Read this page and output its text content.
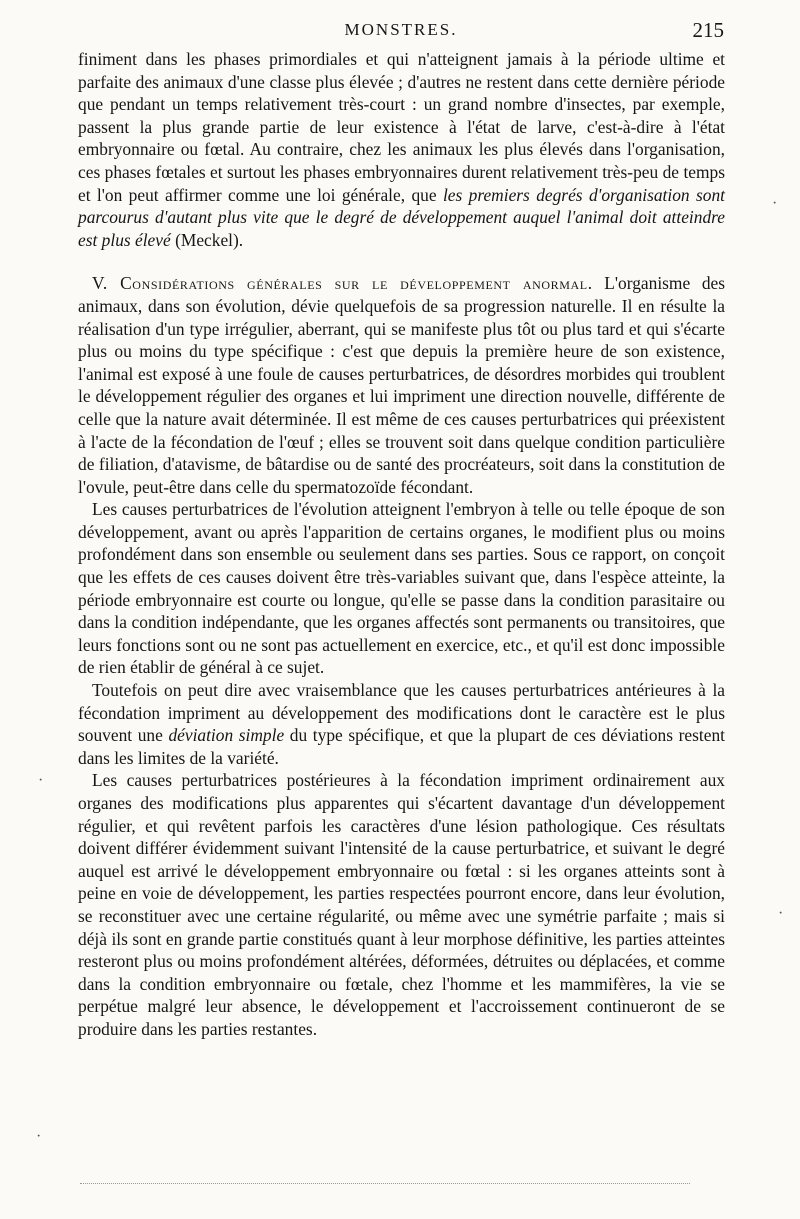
MONSTRES.	215

finiment dans les phases primordiales et qui n'atteignent jamais à la période ultime et parfaite des animaux d'une classe plus élevée ; d'autres ne restent dans cette dernière période que pendant un temps relativement très-court : un grand nombre d'insectes, par exemple, passent la plus grande partie de leur existence à l'état de larve, c'est-à-dire à l'état embryonnaire ou fœtal. Au contraire, chez les animaux les plus élevés dans l'organisation, ces phases fœtales et surtout les phases embryonnaires durent relativement très-peu de temps et l'on peut affirmer comme une loi générale, que les premiers degrés d'organisation sont parcourus d'autant plus vite que le degré de développement auquel l'animal doit atteindre est plus élevé (Meckel).

V. Considérations générales sur le développement anormal. L'organisme des animaux, dans son évolution, dévie quelquefois de sa progression naturelle. Il en résulte la réalisation d'un type irrégulier, aberrant, qui se manifeste plus tôt ou plus tard et qui s'écarte plus ou moins du type spécifique : c'est que depuis la première heure de son existence, l'animal est exposé à une foule de causes perturbatrices, de désordres morbides qui troublent le développement régulier des organes et lui impriment une direction nouvelle, différente de celle que la nature avait déterminée. Il est même de ces causes perturbatrices qui préexistent à l'acte de la fécondation de l'œuf ; elles se trouvent soit dans quelque condition particulière de filiation, d'atavisme, de bâtardise ou de santé des procréateurs, soit dans la constitution de l'ovule, peut-être dans celle du spermatozoïde fécondant.

Les causes perturbatrices de l'évolution atteignent l'embryon à telle ou telle époque de son développement, avant ou après l'apparition de certains organes, le modifient plus ou moins profondément dans son ensemble ou seulement dans ses parties. Sous ce rapport, on conçoit que les effets de ces causes doivent être très-variables suivant que, dans l'espèce atteinte, la période embryonnaire est courte ou longue, qu'elle se passe dans la condition parasitaire ou dans la condition indépendante, que les organes affectés sont permanents ou transitoires, que leurs fonctions sont ou ne sont pas actuellement en exercice, etc., et qu'il est donc impossible de rien établir de général à ce sujet.

Toutefois on peut dire avec vraisemblance que les causes perturbatrices antérieures à la fécondation impriment au développement des modifications dont le caractère est le plus souvent une déviation simple du type spécifique, et que la plupart de ces déviations restent dans les limites de la variété.

Les causes perturbatrices postérieures à la fécondation impriment ordinairement aux organes des modifications plus apparentes qui s'écartent davantage d'un développement régulier, et qui revêtent parfois les caractères d'une lésion pathologique. Ces résultats doivent différer évidemment suivant l'intensité de la cause perturbatrice, et suivant le degré auquel est arrivé le développement embryonnaire ou fœtal : si les organes atteints sont à peine en voie de développement, les parties respectées pourront encore, dans leur évolution, se reconstituer avec une certaine régularité, ou même avec une symétrie parfaite ; mais si déjà ils sont en grande partie constitués quant à leur morphose définitive, les parties atteintes resteront plus ou moins profondément altérées, déformées, détruites ou déplacées, et comme dans la condition embryonnaire ou fœtale, chez l'homme et les mammifères, la vie se perpétue malgré leur absence, le développement et l'accroissement continueront de se produire dans les parties restantes.

·
·
·
·
